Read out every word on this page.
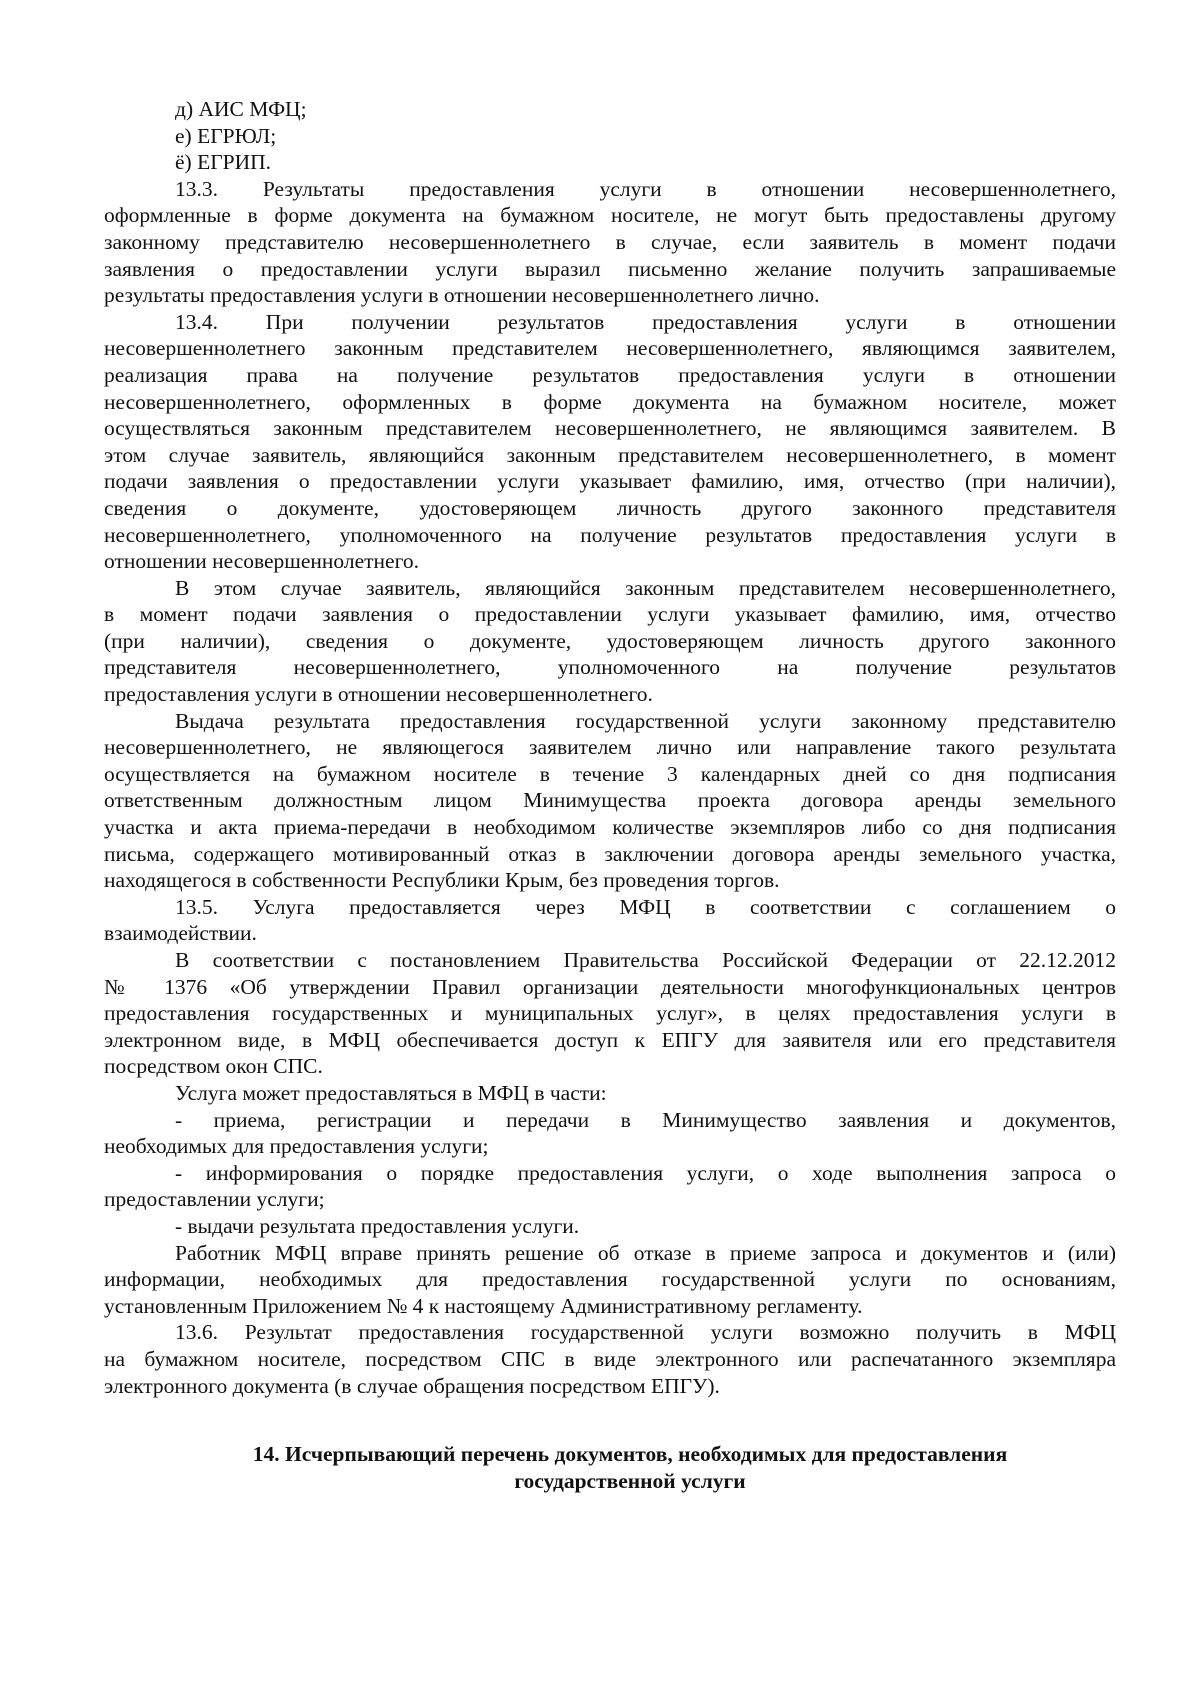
д) АИС МФЦ;

е) ЕГРЮЛ;

ё) ЕГРИП.

13.3. Результаты предоставления услуги в отношении несовершеннолетнего,

оформленные в форме документа на бумажном носителе, не могут быть предоставлены другому

законному представителю несовершеннолетнего в случае, если заявитель в момент подачи

заявления о предоставлении услуги выразил письменно желание получить запрашиваемые

результаты предоставления услуги в отношении несовершеннолетнего лично.

13.4. При получении результатов предоставления услуги в отношении

несовершеннолетнего законным представителем несовершеннолетнего, являющимся заявителем,

реализация права на получение результатов предоставления услуги в отношении

несовершеннолетнего, оформленных в форме документа на бумажном носителе, может

осуществляться законным представителем несовершеннолетнего, не являющимся заявителем. В

этом случае заявитель, являющийся законным представителем несовершеннолетнего, в момент

подачи заявления о предоставлении услуги указывает фамилию, имя, отчество (при наличии),

сведения о документе, удостоверяющем личность другого законного представителя

несовершеннолетнего, уполномоченного на получение результатов предоставления услуги в

отношении несовершеннолетнего.

В этом случае заявитель, являющийся законным представителем несовершеннолетнего,

в момент подачи заявления о предоставлении услуги указывает фамилию, имя, отчество

(при наличии), сведения о документе, удостоверяющем личность другого законного

представителя несовершеннолетнего, уполномоченного на получение результатов

предоставления услуги в отношении несовершеннолетнего.

Выдача результата предоставления государственной услуги законному представителю

несовершеннолетнего, не являющегося заявителем лично или направление такого результата

осуществляется на бумажном носителе в течение 3 календарных дней со дня подписания

ответственным должностным лицом Минимущества проекта договора аренды земельного

участка и акта приема-передачи в необходимом количестве экземпляров либо со дня подписания

письма, содержащего мотивированный отказ в заключении договора аренды земельного участка,

находящегося в собственности Республики Крым, без проведения торгов.

13.5. Услуга предоставляется через МФЦ в соответствии с соглашением о

взаимодействии.

В соответствии с постановлением Правительства Российской Федерации от 22.12.2012

№ 1376 «Об утверждении Правил организации деятельности многофункциональных центров

предоставления государственных и муниципальных услуг», в целях предоставления услуги в

электронном виде, в МФЦ обеспечивается доступ к ЕПГУ для заявителя или его представителя

посредством окон СПС.

Услуга может предоставляться в МФЦ в части:

- приема, регистрации и передачи в Минимущество заявления и документов,

необходимых для предоставления услуги;

- информирования о порядке предоставления услуги, о ходе выполнения запроса о

предоставлении услуги;

- выдачи результата предоставления услуги.

Работник МФЦ вправе принять решение об отказе в приеме запроса и документов и (или)

информации, необходимых для предоставления государственной услуги по основаниям,

установленным Приложением № 4 к настоящему Административному регламенту.

13.6. Результат предоставления государственной услуги возможно получить в МФЦ

на бумажном носителе, посредством СПС в виде электронного или распечатанного экземпляра

электронного документа (в случае обращения посредством ЕПГУ).

14. Исчерпывающий перечень документов, необходимых для предоставления
государственной услуги
